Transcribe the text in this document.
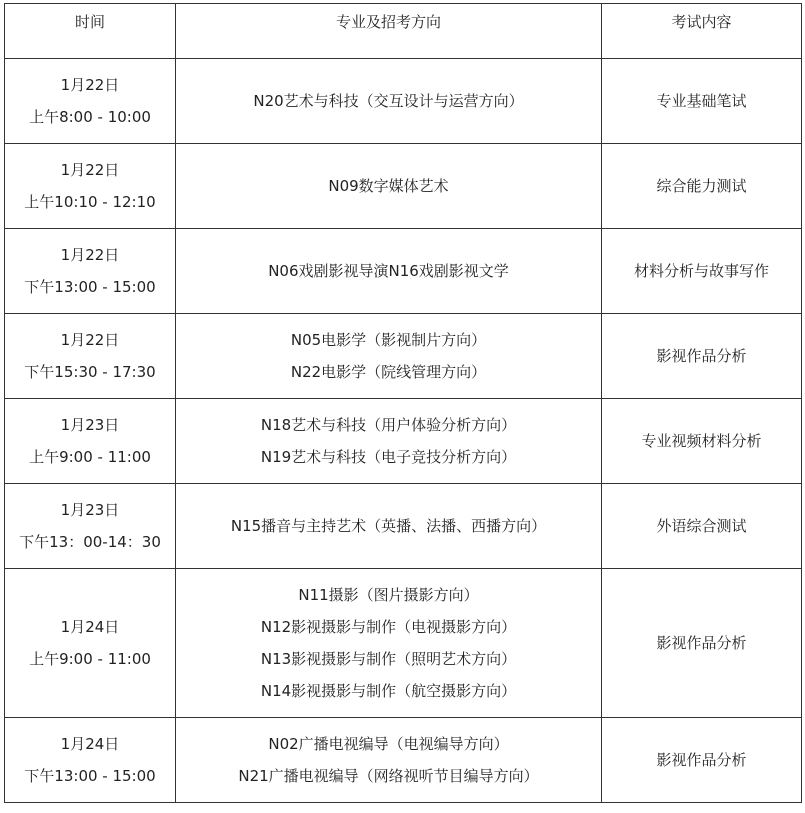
时间	专业及招考方向	考试内容

1月22日
上午8:00 - 10:00	N20艺术与科技（交互设计与运营方向）	专业基础笔试

1月22日
上午10:10 - 12:10	N09数字媒体艺术	综合能力测试

1月22日
下午13:00 - 15:00	N06戏剧影视导演N16戏剧影视文学	材料分析与故事写作

1月22日
下午15:30 - 17:30	N05电影学（影视制片方向）
N22电影学（院线管理方向）	影视作品分析

1月23日
上午9:00 - 11:00	N18艺术与科技（用户体验分析方向）
N19艺术与科技（电子竞技分析方向）	专业视频材料分析

1月23日
下午13：00-14：30	N15播音与主持艺术（英播、法播、西播方向）	外语综合测试

1月24日
上午9:00 - 11:00	N11摄影（图片摄影方向）
N12影视摄影与制作（电视摄影方向）
N13影视摄影与制作（照明艺术方向）
N14影视摄影与制作（航空摄影方向）	影视作品分析

1月24日
下午13:00 - 15:00	N02广播电视编导（电视编导方向）
N21广播电视编导（网络视听节目编导方向）	影视作品分析
